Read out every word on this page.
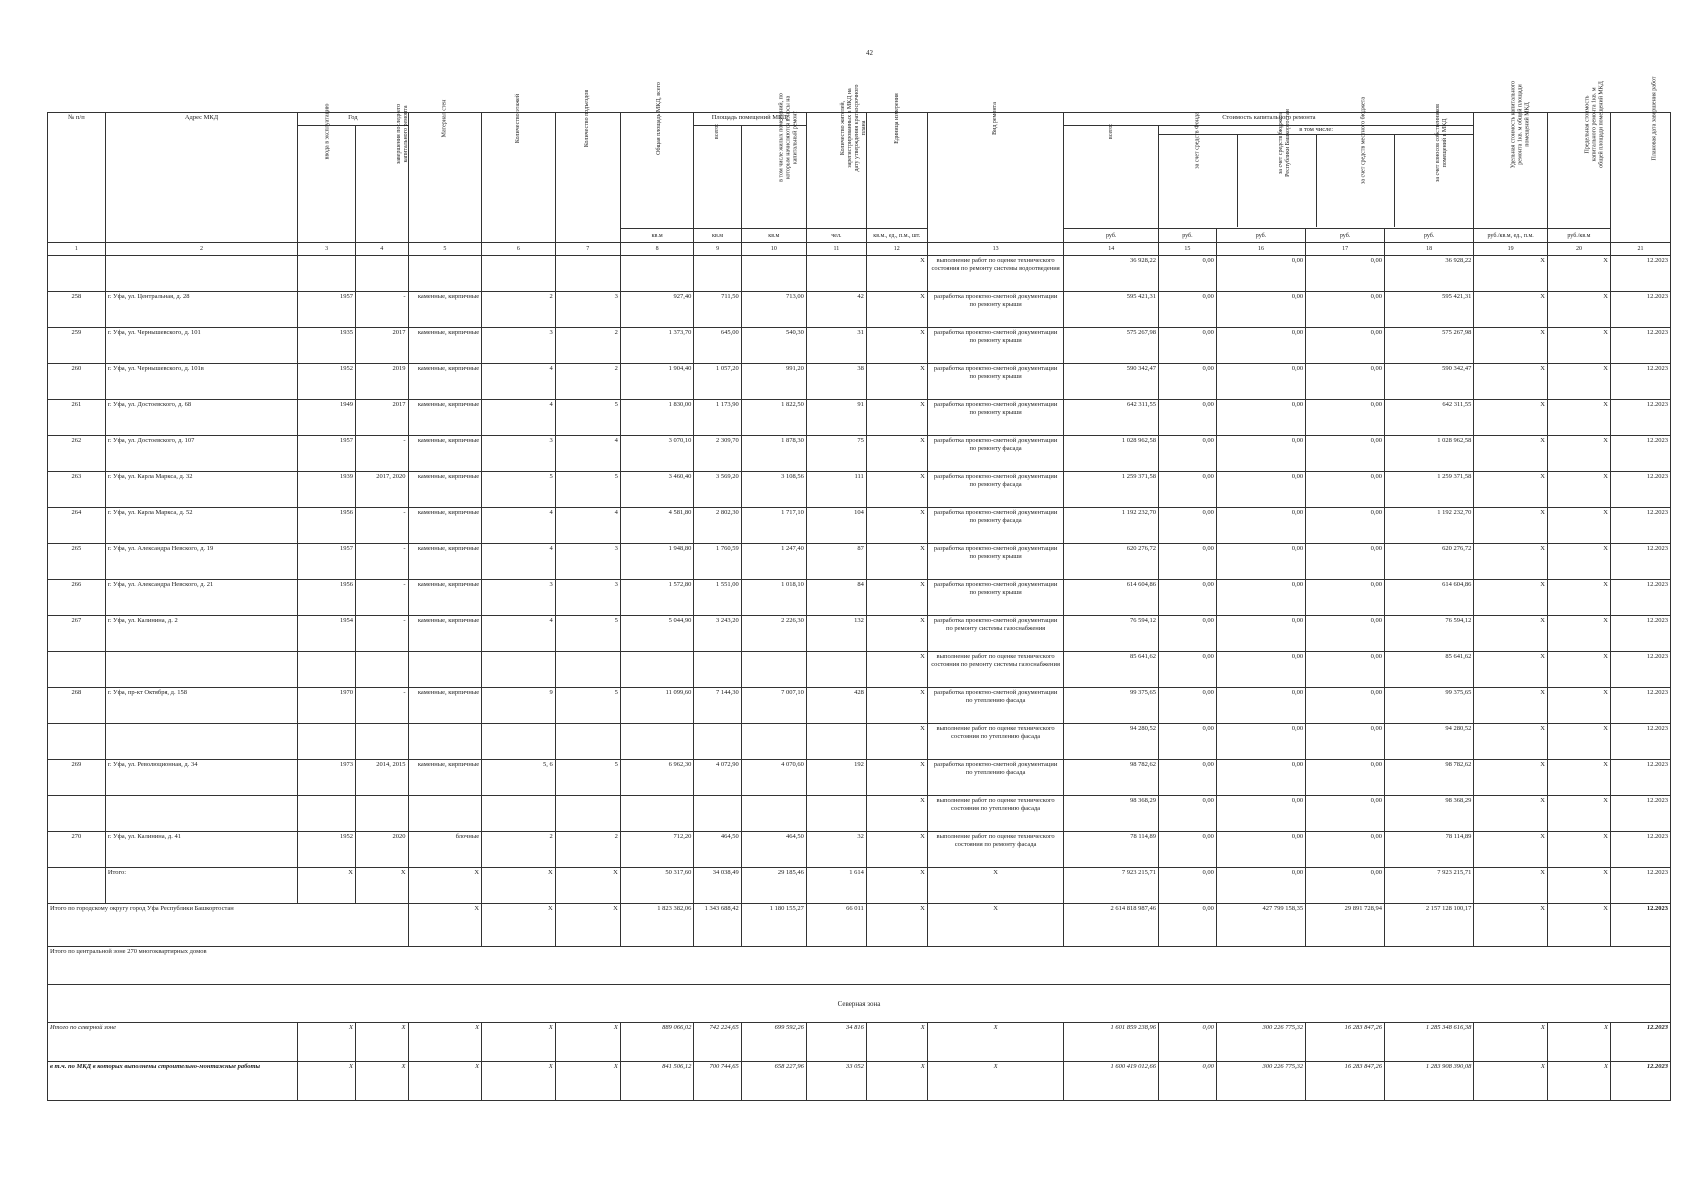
42
№ п/п	Адрес МКД	Год	Материал стен	Количество этажей	Количество подъездов	Общая площадь МКД, всего	Площадь помещений МКД:	Количество жителей, зарегистрированных в МКД на дату утверждения краткосрочного плана	Единица измерения	Вид ремонта	Стоимость капитального ремонта	Удельная стоимость капитального ремонта 1кв. м общей площади помещений МКД	Предельная стоимость капитального ремонта 1кв. м общей площади помещений МКД	Плановая дата завершения работ
ввода в эксплуатацию	завершения последнего капитального ремонта	всего:	в том числе жилых помещений, по которым начисляются взносы на капитальный ремонт	всего:	в том числе:
за счет средств Фонда	за счет средств бюджета Республики Башкортостан	за счет средств местного бюджета	за счет взносов собственников помещений в МКД

кв.м	кв.м	кв.м	чел.	кв.м., ед., п.м., шт.	руб.	руб.	руб.	руб.	руб.	руб./кв.м, ед., п.м.	руб./кв.м
1	2	3	4	5	6	7	8	9	10	11	12	13	14	15	16	17	18	19	20	21
											X	выполнение работ по оценке технического состояния по ремонту системы водоотведения	36 928,22	0,00	0,00	0,00	36 928,22	X	X	12.2023
258	г. Уфа, ул. Центральная, д. 28	1957	-	каменные, кирпичные	2	3	927,40	711,50	713,00	42	X	разработка проектно-сметной документации по ремонту крыши	595 421,31	0,00	0,00	0,00	595 421,31	X	X	12.2023
259	г. Уфа, ул. Чернышевского, д. 101	1935	2017	каменные, кирпичные	3	2	1 373,70	645,00	540,30	31	X	разработка проектно-сметной документации по ремонту крыши	575 267,98	0,00	0,00	0,00	575 267,98	X	X	12.2023
260	г. Уфа, ул. Чернышевского, д. 101в	1952	2019	каменные, кирпичные	4	2	1 904,40	1 057,20	991,20	38	X	разработка проектно-сметной документации по ремонту крыши	590 342,47	0,00	0,00	0,00	590 342,47	X	X	12.2023
261	г. Уфа, ул. Достоевского, д. 68	1949	2017	каменные, кирпичные	4	5	1 830,00	1 173,90	1 822,50	91	X	разработка проектно-сметной документации по ремонту крыши	642 311,55	0,00	0,00	0,00	642 311,55	X	X	12.2023
262	г. Уфа, ул. Достоевского, д. 107	1957	-	каменные, кирпичные	3	4	3 070,10	2 309,70	1 878,30	75	X	разработка проектно-сметной документации по ремонту фасада	1 028 962,58	0,00	0,00	0,00	1 028 962,58	X	X	12.2023
263	г. Уфа, ул. Карла Маркса, д. 32	1939	2017, 2020	каменные, кирпичные	5	5	3 460,40	3 569,20	3 108,56	111	X	разработка проектно-сметной документации по ремонту фасада	1 259 371,58	0,00	0,00	0,00	1 259 371,58	X	X	12.2023
264	г. Уфа, ул. Карла Маркса, д. 52	1956	-	каменные, кирпичные	4	4	4 581,80	2 802,30	1 717,10	104	X	разработка проектно-сметной документации по ремонту фасада	1 192 232,70	0,00	0,00	0,00	1 192 232,70	X	X	12.2023
265	г. Уфа, ул. Александра Невского, д. 19	1957	-	каменные, кирпичные	4	3	1 948,80	1 760,59	1 247,40	87	X	разработка проектно-сметной документации по ремонту крыши	620 276,72	0,00	0,00	0,00	620 276,72	X	X	12.2023
266	г. Уфа, ул. Александра Невского, д. 21	1956	-	каменные, кирпичные	3	3	1 572,80	1 551,00	1 018,10	84	X	разработка проектно-сметной документации по ремонту крыши	614 604,86	0,00	0,00	0,00	614 604,86	X	X	12.2023
267	г. Уфа, ул. Калинина, д. 2	1954	-	каменные, кирпичные	4	5	5 044,90	3 243,20	2 226,30	132	X	разработка проектно-сметной документации по ремонту системы газоснабжения	76 594,12	0,00	0,00	0,00	76 594,12	X	X	12.2023
											X	выполнение работ по оценке технического состояния по ремонту системы газоснабжения	85 641,62	0,00	0,00	0,00	85 641,62	X	X	12.2023
268	г. Уфа, пр-кт Октября, д. 158	1970	-	каменные, кирпичные	9	5	11 099,60	7 144,30	7 007,10	428	X	разработка проектно-сметной документации по утеплению фасада	99 375,65	0,00	0,00	0,00	99 375,65	X	X	12.2023
											X	выполнение работ по оценке технического состояния по утеплению фасада	94 280,52	0,00	0,00	0,00	94 280,52	X	X	12.2023
269	г. Уфа, ул. Революционная, д. 34	1973	2014, 2015	каменные, кирпичные	5, 6	5	6 962,30	4 072,90	4 070,60	192	X	разработка проектно-сметной документации по утеплению фасада	98 782,62	0,00	0,00	0,00	98 782,62	X	X	12.2023
											X	выполнение работ по оценке технического состояния по утеплению фасада	98 368,29	0,00	0,00	0,00	98 368,29	X	X	12.2023
270	г. Уфа, ул. Калинина, д. 41	1952	2020	блочные	2	2	712,20	464,50	464,50	32	X	выполнение работ по оценке технического состояния по ремонту фасада	78 114,89	0,00	0,00	0,00	78 114,89	X	X	12.2023
	Итого:	X	X	X	X	X	50 317,60	34 038,49	29 185,46	1 614	X	X	7 923 215,71	0,00	0,00	0,00	7 923 215,71	X	X	12.2023
Итого по городскому округу город Уфа Республики Башкортостан	X	X	X	1 823 382,06	1 343 688,42	1 180 155,27	66 011	X	X	2 614 818 987,46	0,00	427 799 158,35	29 891 728,94	2 157 128 100,17	X	X	12.2023
Итого по центральной зоне 270 многоквартирных домов
Северная зона
Итого по северной зоне	X	X	X	X	X	889 066,02	742 224,65	699 592,26	34 816	X	X	1 601 859 238,96	0,00	300 226 775,32	16 283 847,26	1 285 348 616,38	X	X	12.2023
в т.ч. по МКД в которых выполнены строительно-монтажные работы	X	X	X	X	X	841 506,12	700 744,65	658 227,96	33 052	X	X	1 600 419 012,66	0,00	300 226 775,32	16 283 847,26	1 283 908 390,08	X	X	12.2023
